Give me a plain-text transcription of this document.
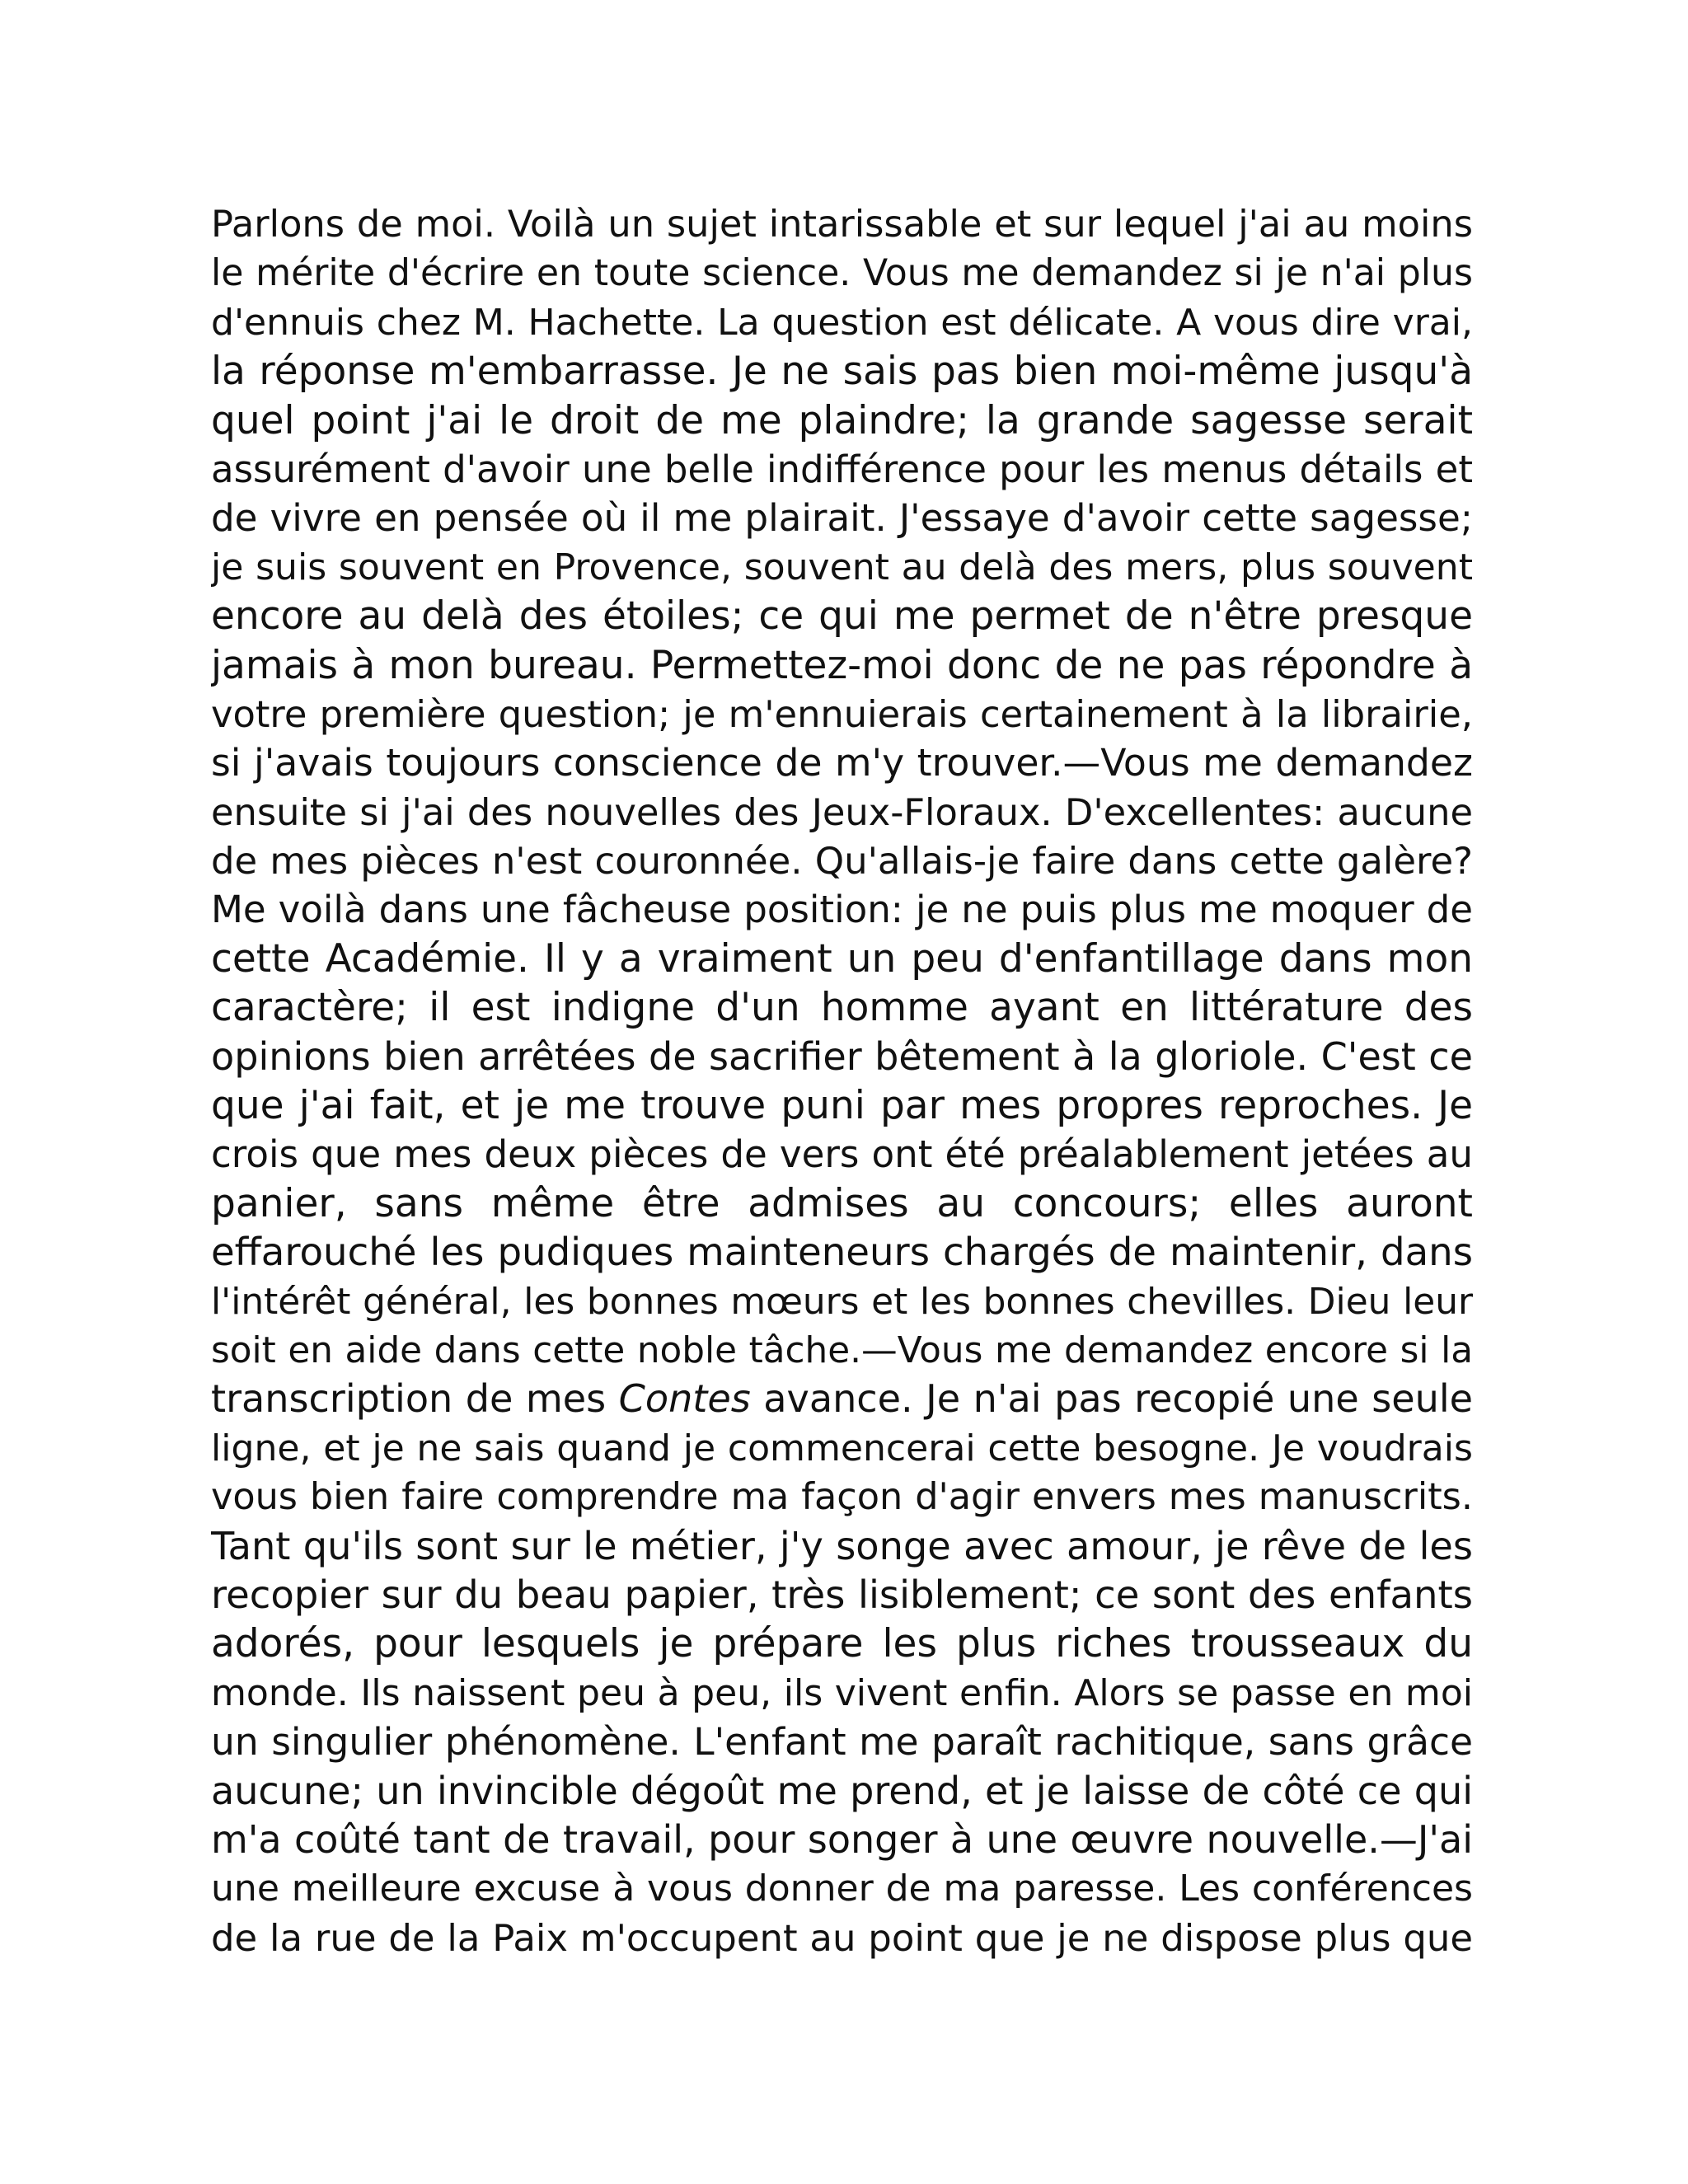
Parlons de moi. Voilà un sujet intarissable et sur lequel j'ai au moins
le mérite d'écrire en toute science. Vous me demandez si je n'ai plus
d'ennuis chez M. Hachette. La question est délicate. A vous dire vrai,
la réponse m'embarrasse. Je ne sais pas bien moi-même jusqu'à
quel point j'ai le droit de me plaindre; la grande sagesse serait
assurément d'avoir une belle indifférence pour les menus détails et
de vivre en pensée où il me plairait. J'essaye d'avoir cette sagesse;
je suis souvent en Provence, souvent au delà des mers, plus souvent
encore au delà des étoiles; ce qui me permet de n'être presque
jamais à mon bureau. Permettez-moi donc de ne pas répondre à
votre première question; je m'ennuierais certainement à la librairie,
si j'avais toujours conscience de m'y trouver.—Vous me demandez
ensuite si j'ai des nouvelles des Jeux-Floraux. D'excellentes: aucune
de mes pièces n'est couronnée. Qu'allais-je faire dans cette galère?
Me voilà dans une fâcheuse position: je ne puis plus me moquer de
cette Académie. Il y a vraiment un peu d'enfantillage dans mon
caractère; il est indigne d'un homme ayant en littérature des
opinions bien arrêtées de sacrifier bêtement à la gloriole. C'est ce
que j'ai fait, et je me trouve puni par mes propres reproches. Je
crois que mes deux pièces de vers ont été préalablement jetées au
panier, sans même être admises au concours; elles auront
effarouché les pudiques mainteneurs chargés de maintenir, dans
l'intérêt général, les bonnes mœurs et les bonnes chevilles. Dieu leur
soit en aide dans cette noble tâche.—Vous me demandez encore si la
transcription de mes Contes avance. Je n'ai pas recopié une seule
ligne, et je ne sais quand je commencerai cette besogne. Je voudrais
vous bien faire comprendre ma façon d'agir envers mes manuscrits.
Tant qu'ils sont sur le métier, j'y songe avec amour, je rêve de les
recopier sur du beau papier, très lisiblement; ce sont des enfants
adorés, pour lesquels je prépare les plus riches trousseaux du
monde. Ils naissent peu à peu, ils vivent enfin. Alors se passe en moi
un singulier phénomène. L'enfant me paraît rachitique, sans grâce
aucune; un invincible dégoût me prend, et je laisse de côté ce qui
m'a coûté tant de travail, pour songer à une œuvre nouvelle.—J'ai
une meilleure excuse à vous donner de ma paresse. Les conférences
de la rue de la Paix m'occupent au point que je ne dispose plus que
